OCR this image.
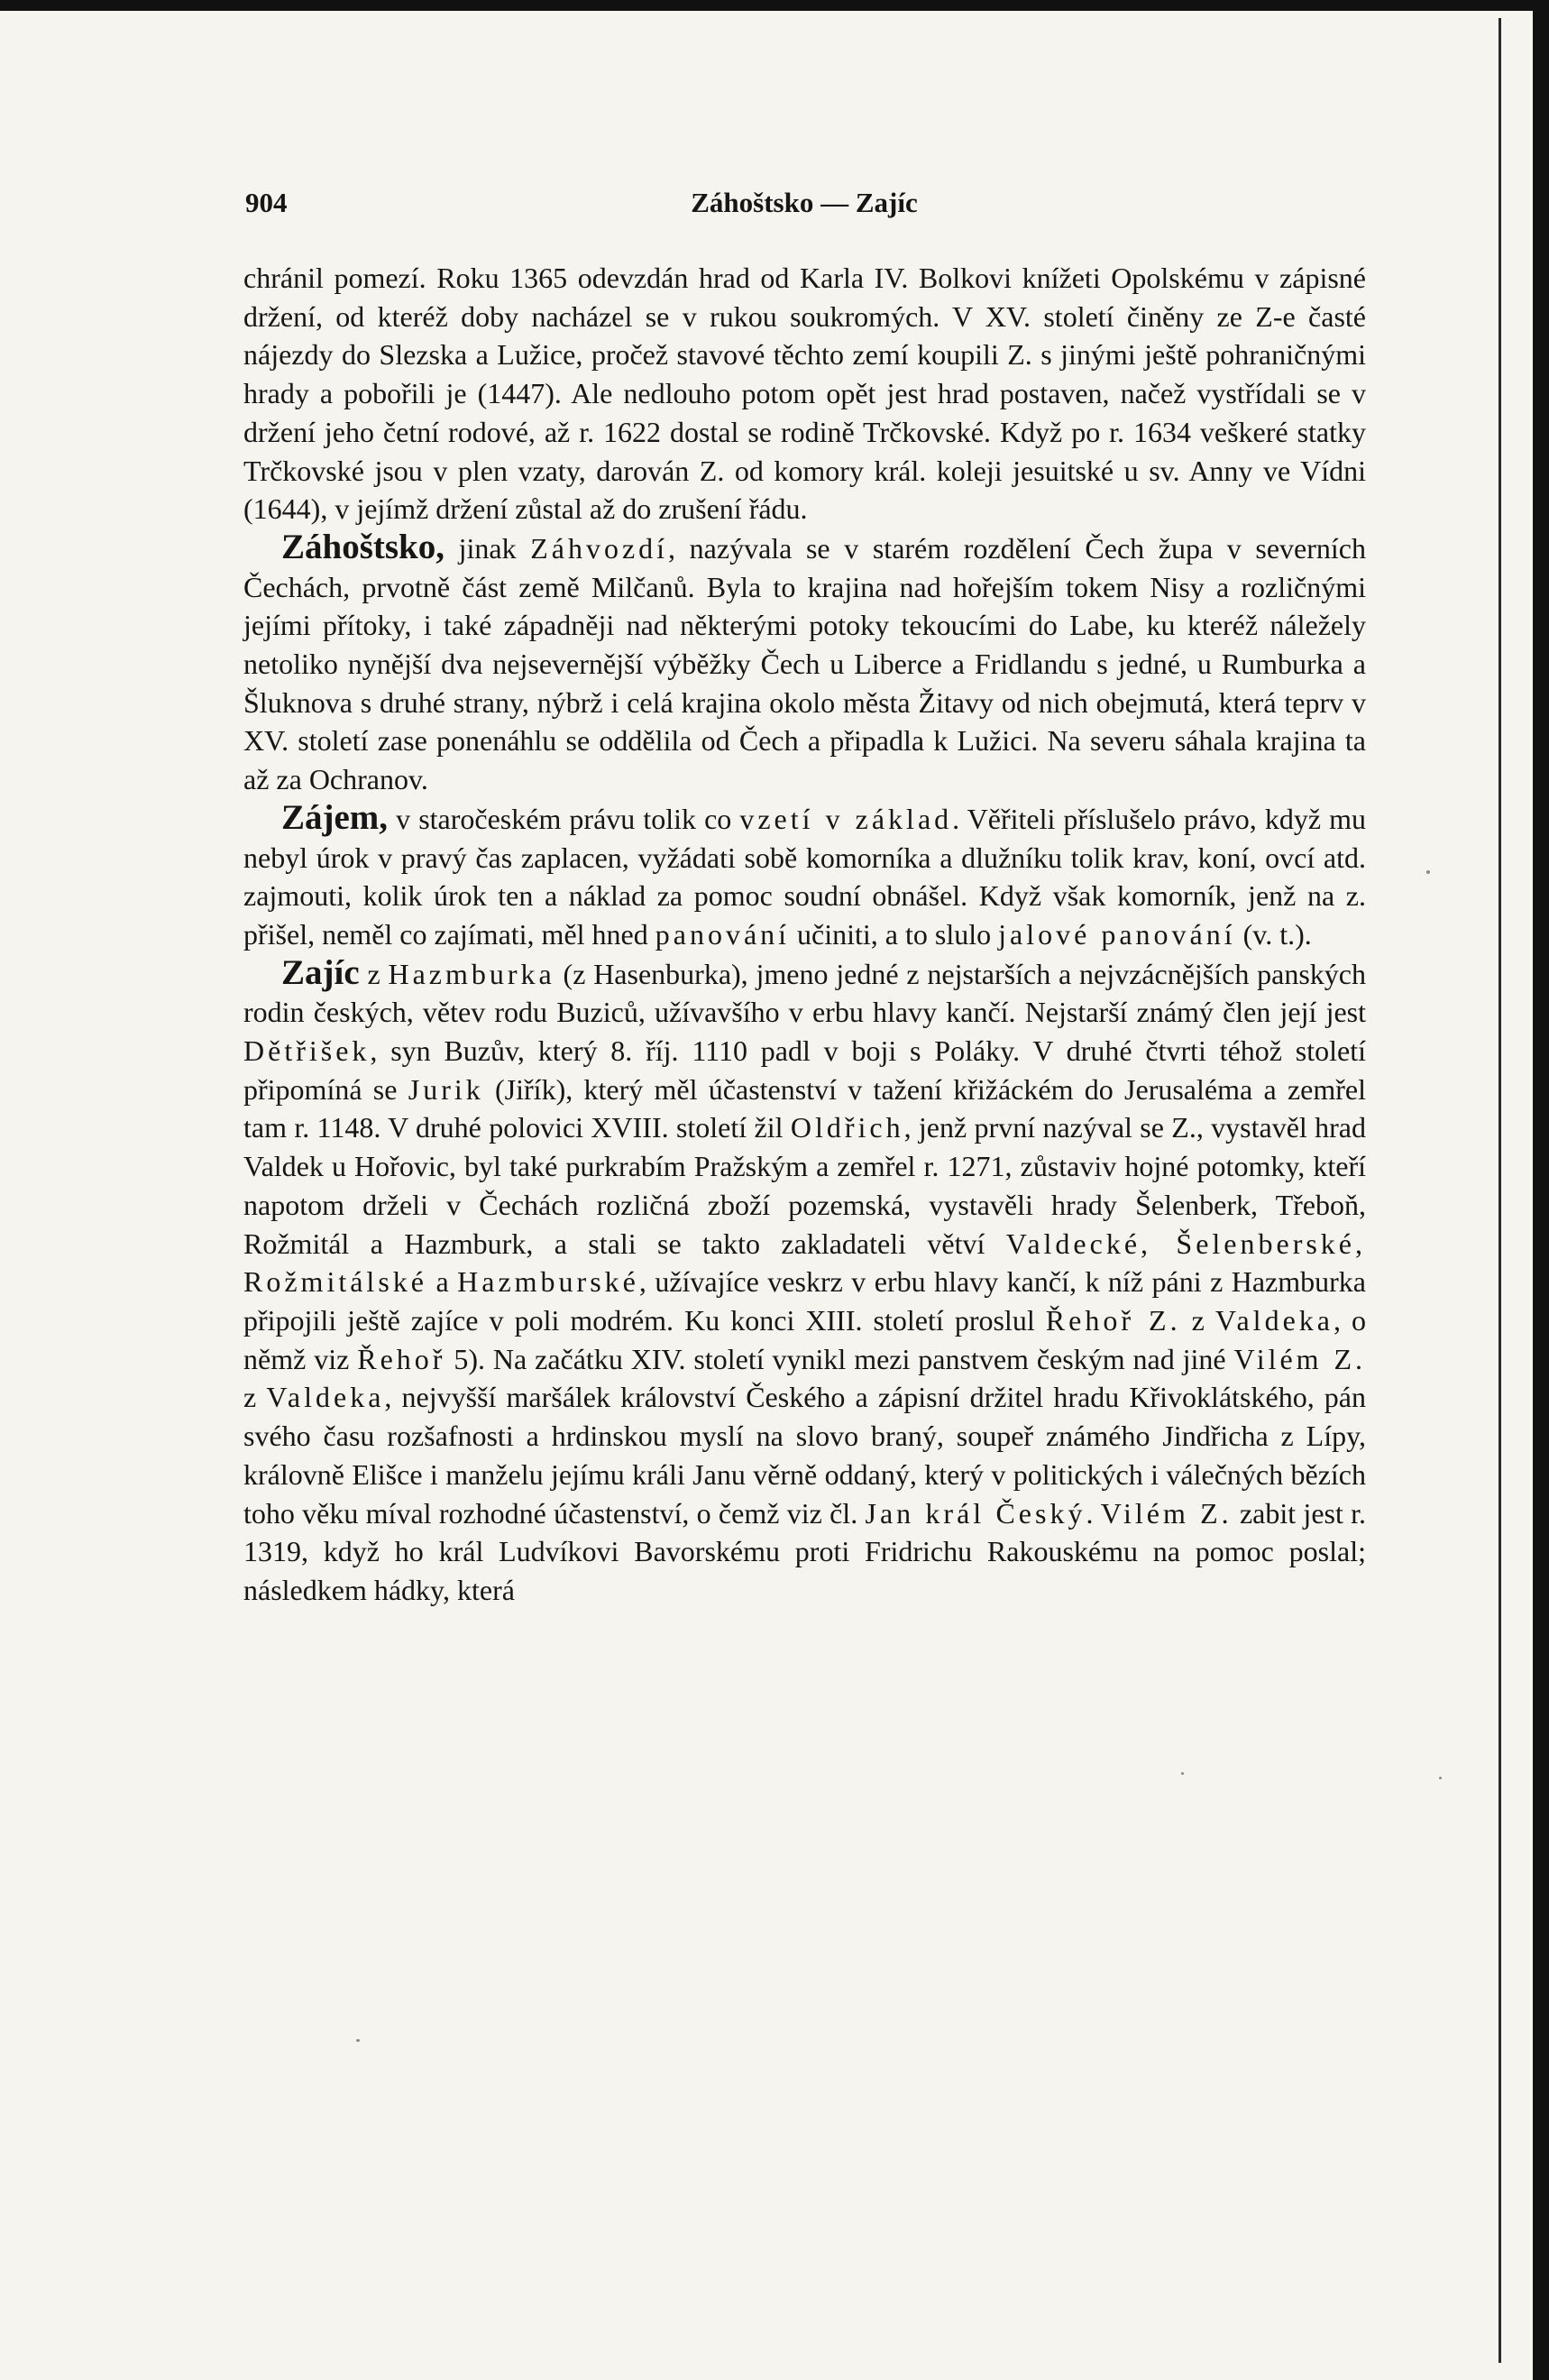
904	Záhoštsko — Zajíc

chránil pomezí. Roku 1365 odevzdán hrad od Karla IV. Bolkovi knížeti Opolskému v zápisné držení, od kteréž doby nacházel se v rukou soukromých. V XV. století činěny ze Z-e časté nájezdy do Slezska a Lužice, pročež stavové těchto zemí koupili Z. s jinými ještě pohraničnými hrady a pobořili je (1447). Ale nedlouho potom opět jest hrad postaven, načež vystřídali se v držení jeho četní rodové, až r. 1622 dostal se rodině Trčkovské. Když po r. 1634 veškeré statky Trčkovské jsou v plen vzaty, darován Z. od komory král. koleji jesuitské u sv. Anny ve Vídni (1644), v jejímž držení zůstal až do zrušení řádu.

Záhoštsko, jinak Záhvozdí, nazývala se v starém rozdělení Čech župa v severních Čechách, prvotně část země Milčanů. Byla to krajina nad hořejším tokem Nisy a rozličnými jejími přítoky, i také západněji nad některými potoky tekoucími do Labe, ku kteréž náležely netoliko nynější dva nejsevernější výběžky Čech u Liberce a Fridlandu s jedné, u Rumburka a Šluknova s druhé strany, nýbrž i celá krajina okolo města Žitavy od nich obejmutá, která teprv v XV. století zase ponenáhlu se oddělila od Čech a připadla k Lužici. Na severu sáhala krajina ta až za Ochranov.

Zájem, v staročeském právu tolik co vzetí v základ. Věřiteli příslušelo právo, když mu nebyl úrok v pravý čas zaplacen, vyžádati sobě komorníka a dlužníku tolik krav, koní, ovcí atd. zajmouti, kolik úrok ten a náklad za pomoc soudní obnášel. Když však komorník, jenž na z. přišel, neměl co zajímati, měl hned panování učiniti, a to slulo jalové panování (v. t.).

Zajíc z Hazmburka (z Hasenburka), jmeno jedné z nejstarších a nejvzácnějších panských rodin českých, větev rodu Buziců, užívavšího v erbu hlavy kančí. Nejstarší známý člen její jest Dětřišek, syn Buzův, který 8. říj. 1110 padl v boji s Poláky. V druhé čtvrti téhož století připomíná se Jurik (Jiřík), který měl účastenství v tažení křižáckém do Jerusaléma a zemřel tam r. 1148. V druhé polovici XVIII. století žil Oldřich, jenž první nazýval se Z., vystavěl hrad Valdek u Hořovic, byl také purkrabím Pražským a zemřel r. 1271, zůstaviv hojné potomky, kteří napotom drželi v Čechách rozličná zboží pozemská, vystavěli hrady Šelenberk, Třeboň, Rožmitál a Hazmburk, a stali se takto zakladateli větví Valdecké, Šelenberské, Rožmitálské a Hazmburské, užívajíce veskrz v erbu hlavy kančí, k níž páni z Hazmburka připojili ještě zajíce v poli modrém. Ku konci XIII. století proslul Řehoř Z. z Valdeka, o němž viz Řehoř 5). Na začátku XIV. století vynikl mezi panstvem českým nad jiné Vilém Z. z Valdeka, nejvyšší maršálek království Českého a zápisní držitel hradu Křivoklátského, pán svého času rozšafnosti a hrdinskou myslí na slovo braný, soupeř známého Jindřicha z Lípy, královně Elišce i manželu jejímu králi Janu věrně oddaný, který v politických i válečných bězích toho věku míval rozhodné účastenství, o čemž viz čl. Jan král Český. Vilém Z. zabit jest r. 1319, když ho král Ludvíkovi Bavorskému proti Fridrichu Rakouskému na pomoc poslal; následkem hádky, která
